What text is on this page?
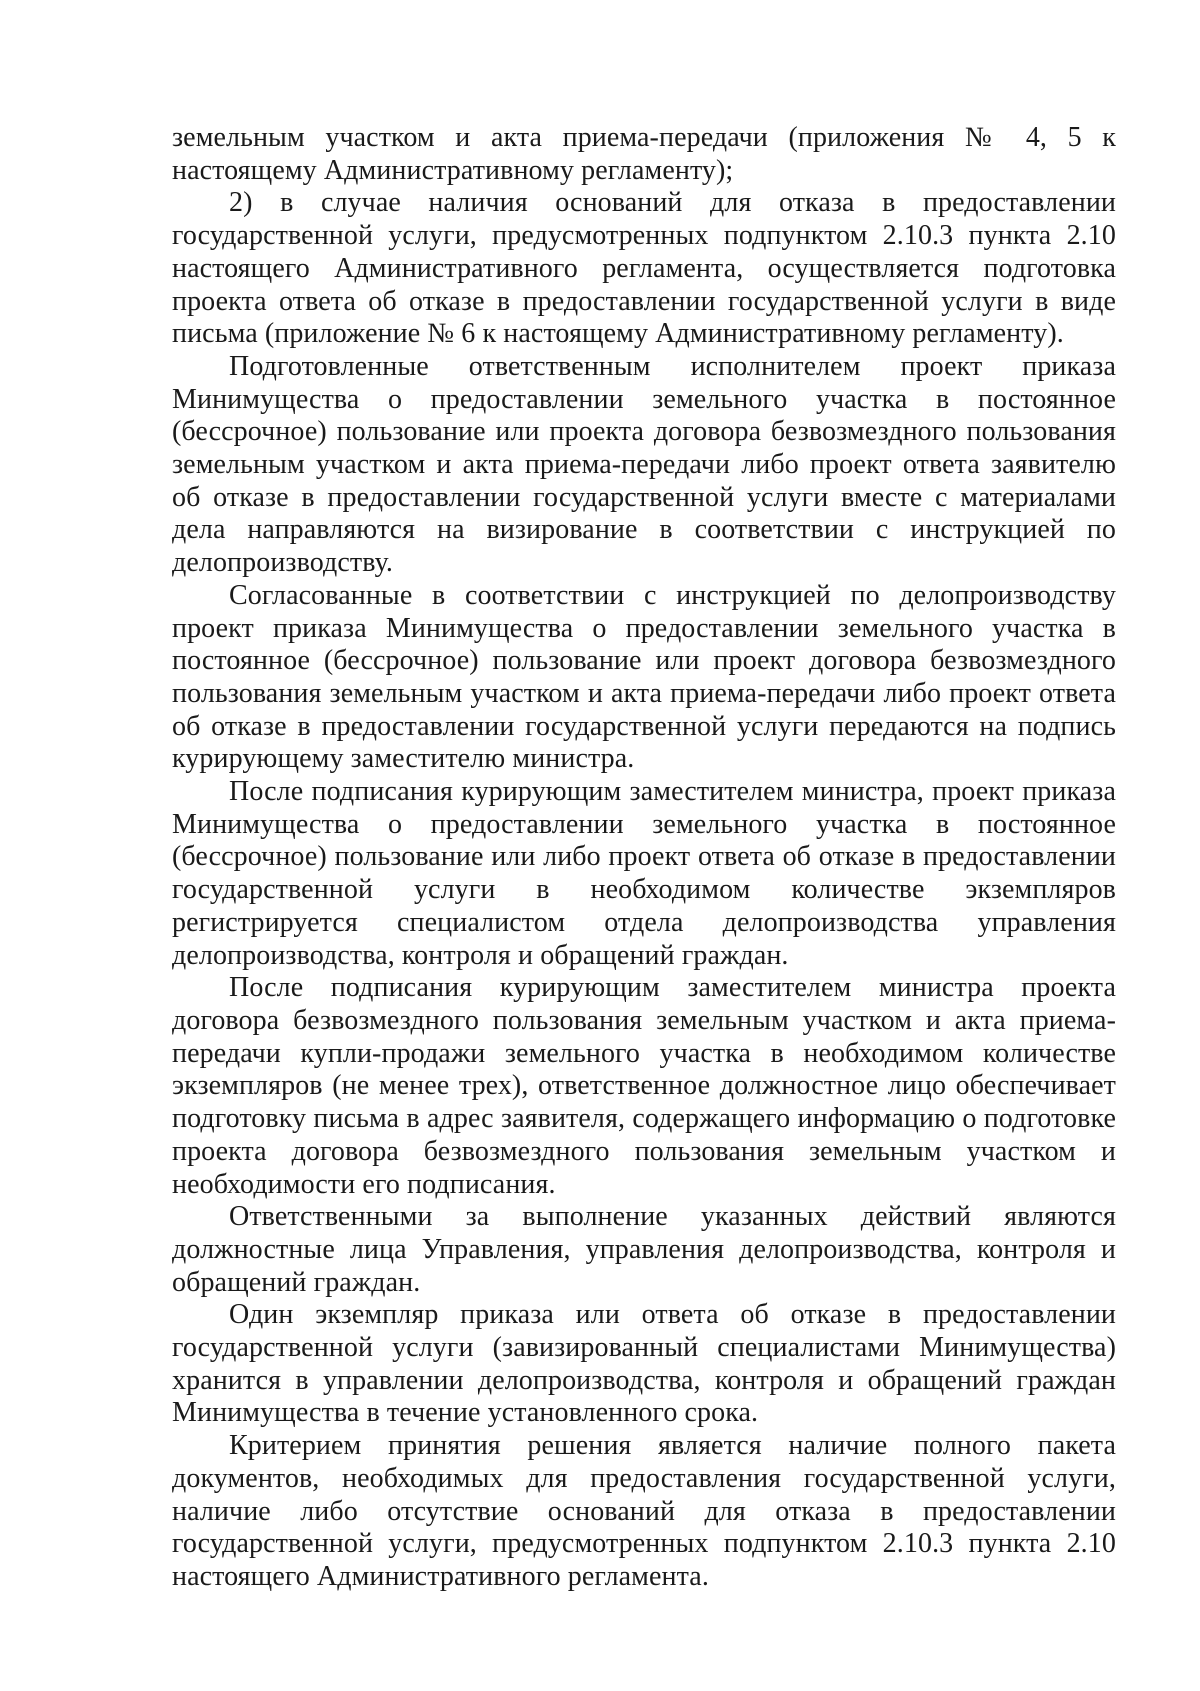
земельным участком и акта приема-передачи (приложения № 4, 5 к настоящему Административному регламенту);

2) в случае наличия оснований для отказа в предоставлении государственной услуги, предусмотренных подпунктом 2.10.3 пункта 2.10 настоящего Административного регламента, осуществляется подготовка проекта ответа об отказе в предоставлении государственной услуги в виде письма (приложение № 6 к настоящему Административному регламенту).

Подготовленные ответственным исполнителем проект приказа Минимущества о предоставлении земельного участка в постоянное (бессрочное) пользование или проекта договора безвозмездного пользования земельным участком и акта приема-передачи либо проект ответа заявителю об отказе в предоставлении государственной услуги вместе с материалами дела направляются на визирование в соответствии с инструкцией по делопроизводству.

Согласованные в соответствии с инструкцией по делопроизводству проект приказа Минимущества о предоставлении земельного участка в постоянное (бессрочное) пользование или проект договора безвозмездного пользования земельным участком и акта приема-передачи либо проект ответа об отказе в предоставлении государственной услуги передаются на подпись курирующему заместителю министра.

После подписания курирующим заместителем министра, проект приказа Минимущества о предоставлении земельного участка в постоянное (бессрочное) пользование или либо проект ответа об отказе в предоставлении государственной услуги в необходимом количестве экземпляров регистрируется специалистом отдела делопроизводства управления делопроизводства, контроля и обращений граждан.

После подписания курирующим заместителем министра проекта договора безвозмездного пользования земельным участком и акта приема-передачи купли-продажи земельного участка в необходимом количестве экземпляров (не менее трех), ответственное должностное лицо обеспечивает подготовку письма в адрес заявителя, содержащего информацию о подготовке проекта договора безвозмездного пользования земельным участком и необходимости его подписания.

Ответственными за выполнение указанных действий являются должностные лица Управления, управления делопроизводства, контроля и обращений граждан.

Один экземпляр приказа или ответа об отказе в предоставлении государственной услуги (завизированный специалистами Минимущества) хранится в управлении делопроизводства, контроля и обращений граждан Минимущества в течение установленного срока.

Критерием принятия решения является наличие полного пакета документов, необходимых для предоставления государственной услуги, наличие либо отсутствие оснований для отказа в предоставлении государственной услуги, предусмотренных подпунктом 2.10.3 пункта 2.10 настоящего Административного регламента.
